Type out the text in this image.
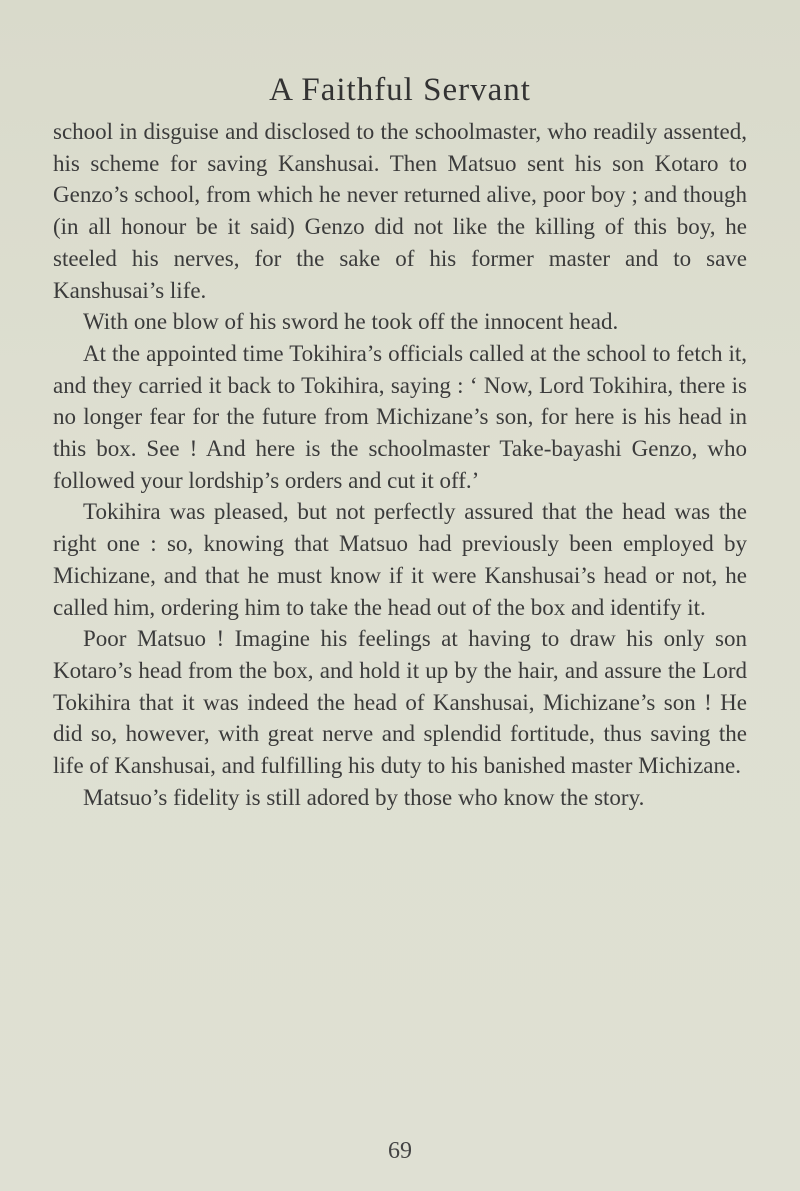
A Faithful Servant

school in disguise and disclosed to the schoolmaster, who readily assented, his scheme for saving Kanshusai. Then Matsuo sent his son Kotaro to Genzo’s school, from which he never returned alive, poor boy ; and though (in all honour be it said) Genzo did not like the killing of this boy, he steeled his nerves, for the sake of his former master and to save Kanshusai’s life.

With one blow of his sword he took off the innocent head.

At the appointed time Tokihira’s officials called at the school to fetch it, and they carried it back to Tokihira, saying : ‘ Now, Lord Tokihira, there is no longer fear for the future from Michizane’s son, for here is his head in this box. See ! And here is the schoolmaster Take-bayashi Genzo, who followed your lordship’s orders and cut it off.’

Tokihira was pleased, but not perfectly assured that the head was the right one : so, knowing that Matsuo had previously been employed by Michizane, and that he must know if it were Kanshusai’s head or not, he called him, ordering him to take the head out of the box and identify it.

Poor Matsuo ! Imagine his feelings at having to draw his only son Kotaro’s head from the box, and hold it up by the hair, and assure the Lord Tokihira that it was indeed the head of Kanshusai, Michizane’s son ! He did so, however, with great nerve and splendid fortitude, thus saving the life of Kanshusai, and fulfilling his duty to his banished master Michizane.

Matsuo’s fidelity is still adored by those who know the story.

69
